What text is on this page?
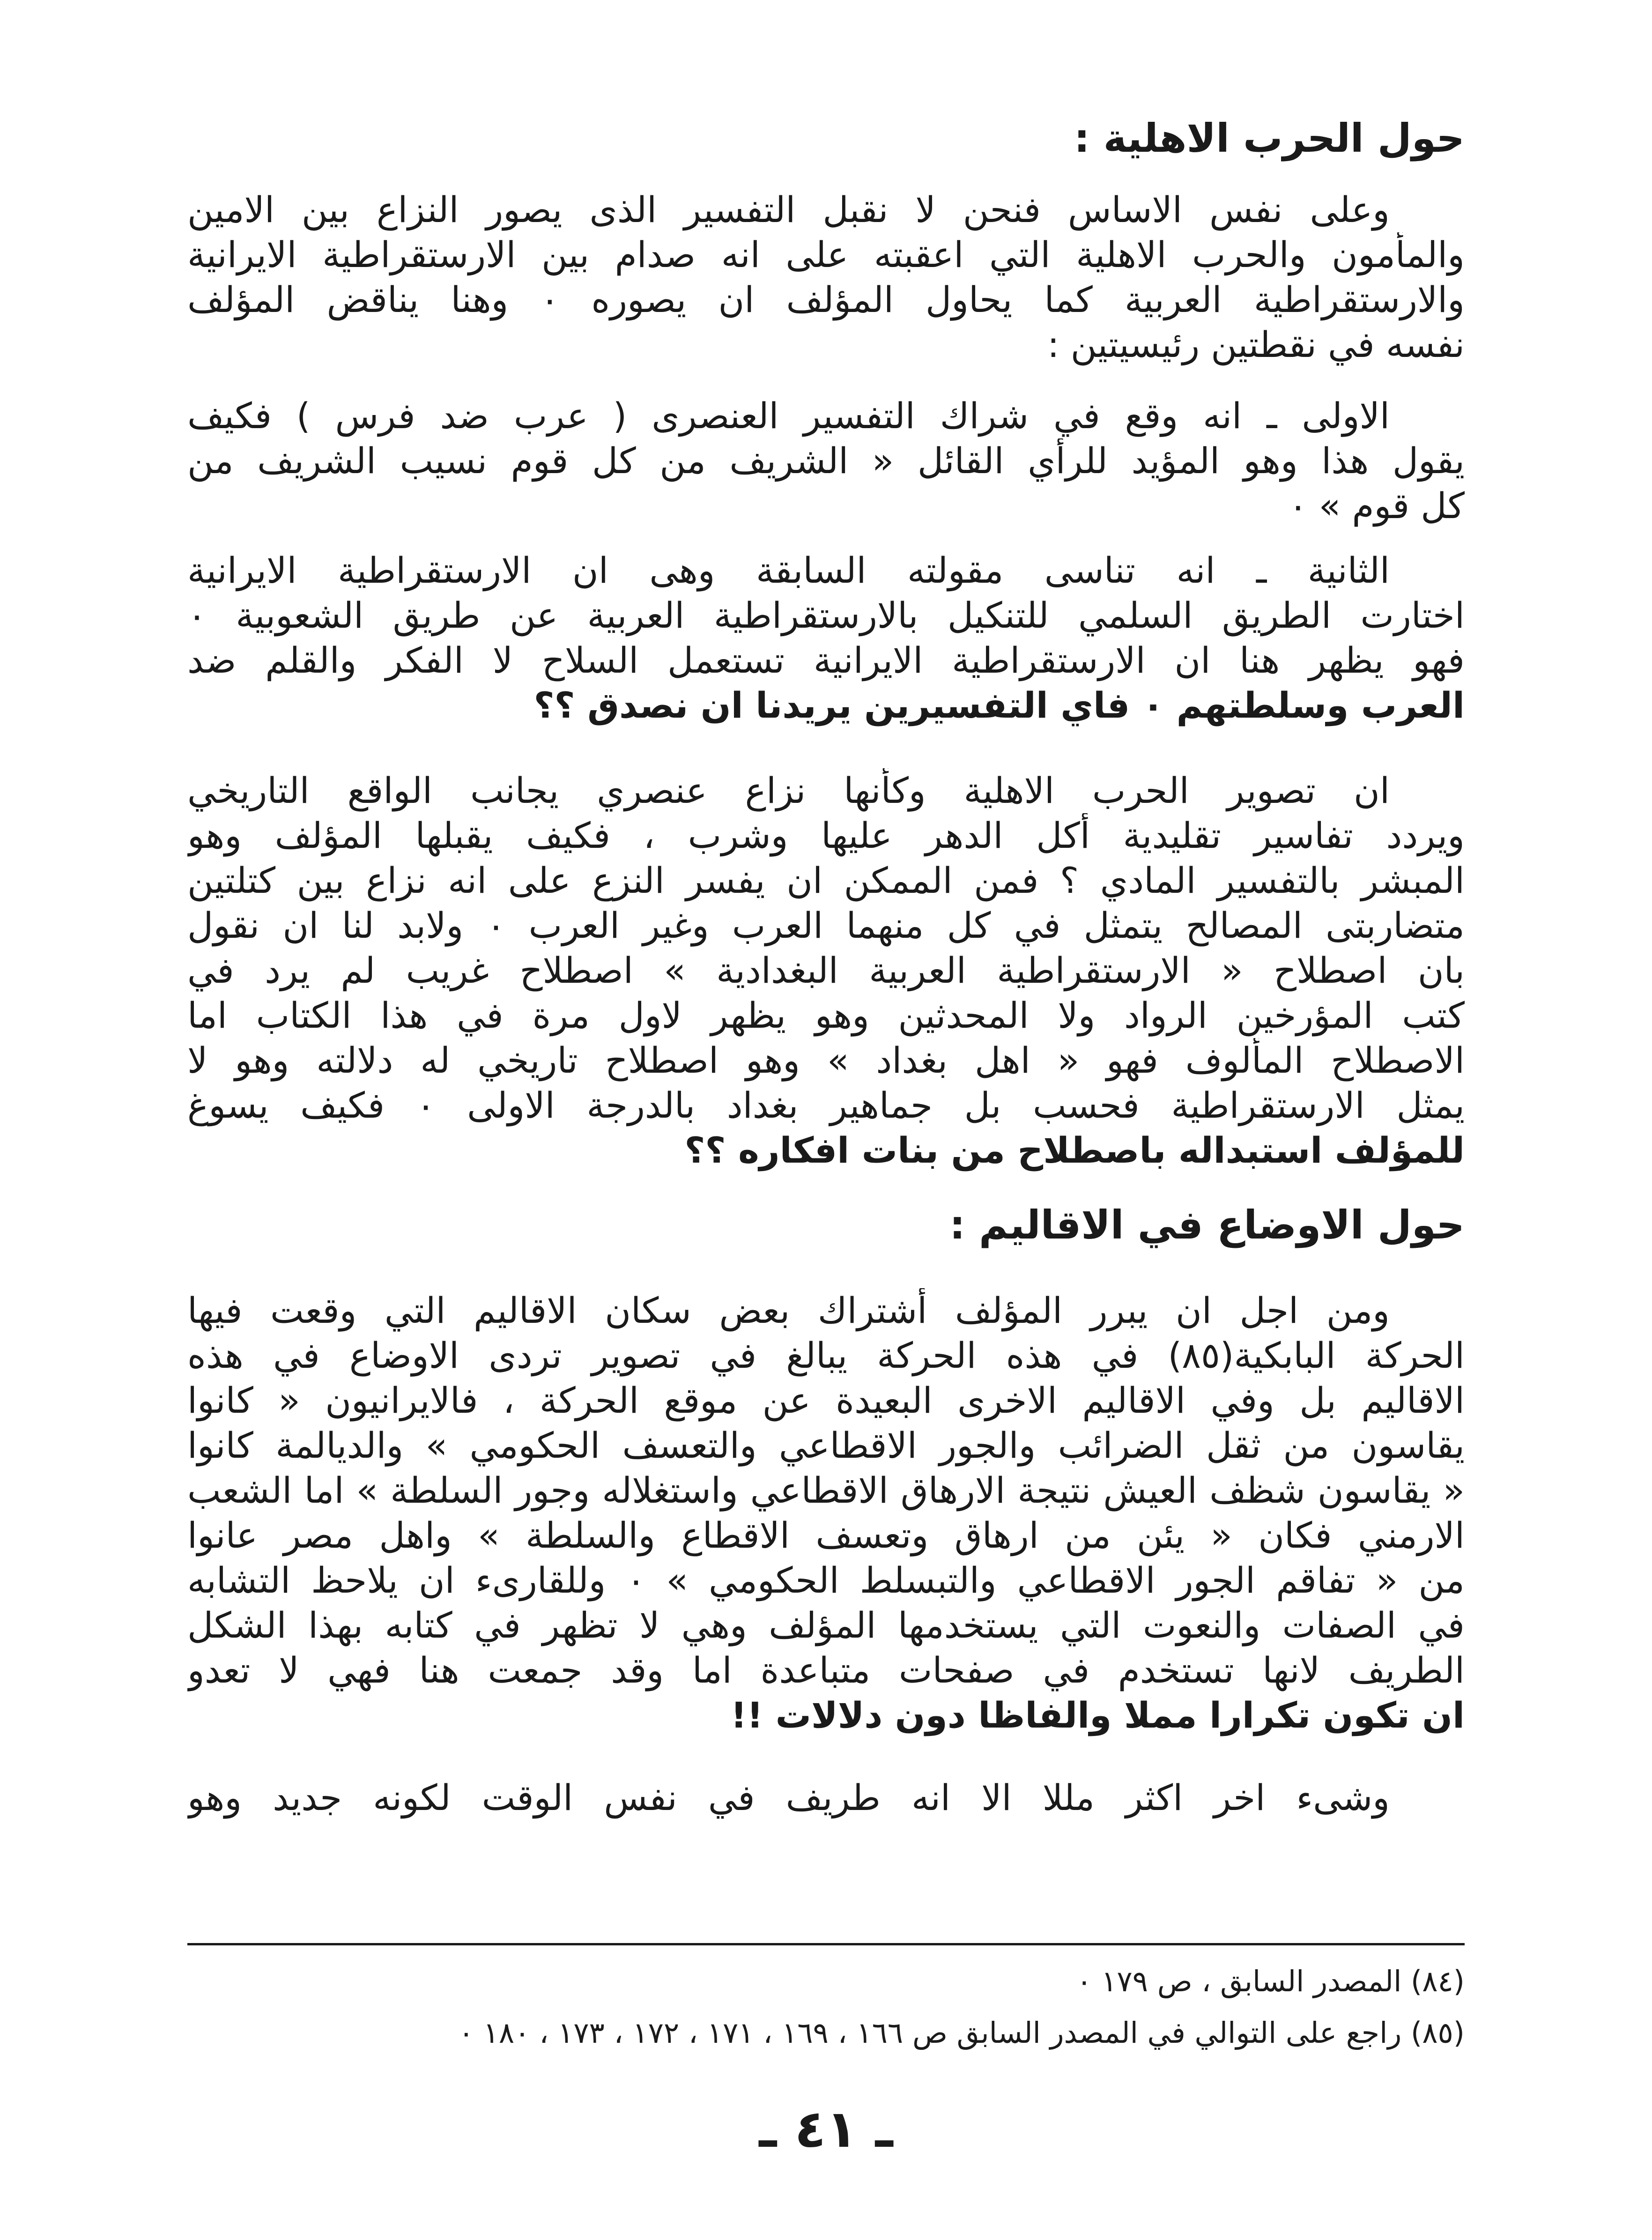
حول الحرب الاهلية :

وعلى نفس الاساس فنحن لا نقبل التفسير الذى يصور النزاع بين الامين

والمأمون والحرب الاهلية التي اعقبته على انه صدام بين الارستقراطية الايرانية

والارستقراطية العربية كما يحاول المؤلف ان يصوره ٠ وهنا يناقض المؤلف

نفسه في نقطتين رئيسيتين :

الاولى ـ انه وقع في شراك التفسير العنصرى ( عرب ضد فرس ) فكيف

يقول هذا وهو المؤيد للرأي القائل « الشريف من كل قوم نسيب الشريف من

كل قوم » ٠

الثانية ـ انه تناسى مقولته السابقة وهى ان الارستقراطية الايرانية

اختارت الطريق السلمي للتنكيل بالارستقراطية العربية عن طريق الشعوبية ٠

فهو يظهر هنا ان الارستقراطية الايرانية تستعمل السلاح لا الفكر والقلم ضد

العرب وسلطتهم ٠ فاي التفسيرين يريدنا ان نصدق ؟؟

ان تصوير الحرب الاهلية وكأنها نزاع عنصري يجانب الواقع التاريخي

ويردد تفاسير تقليدية أكل الدهر عليها وشرب ، فكيف يقبلها المؤلف وهو

المبشر بالتفسير المادي ؟ فمن الممكن ان يفسر النزع على انه نزاع بين كتلتين

متضاربتى المصالح يتمثل في كل منهما العرب وغير العرب ٠ ولابد لنا ان نقول

بان اصطلاح « الارستقراطية العربية البغدادية » اصطلاح غريب لم يرد في

كتب المؤرخين الرواد ولا المحدثين وهو يظهر لاول مرة في هذا الكتاب اما

الاصطلاح المألوف فهو « اهل بغداد » وهو اصطلاح تاريخي له دلالته وهو لا

يمثل الارستقراطية فحسب بل جماهير بغداد بالدرجة الاولى ٠ فكيف يسوغ

للمؤلف استبداله باصطلاح من بنات افكاره ؟؟

حول الاوضاع في الاقاليم :

ومن اجل ان يبرر المؤلف أشتراك بعض سكان الاقاليم التي وقعت فيها

الحركة البابكية(٨٥) في هذه الحركة يبالغ في تصوير تردى الاوضاع في هذه

الاقاليم بل وفي الاقاليم الاخرى البعيدة عن موقع الحركة ، فالايرانيون « كانوا

يقاسون من ثقل الضرائب والجور الاقطاعي والتعسف الحكومي » والديالمة كانوا

« يقاسون شظف العيش نتيجة الارهاق الاقطاعي واستغلاله وجور السلطة » اما الشعب

الارمني فكان « يئن من ارهاق وتعسف الاقطاع والسلطة » واهل مصر عانوا

من « تفاقم الجور الاقطاعي والتبسلط الحكومي » ٠ وللقارىء ان يلاحظ التشابه

في الصفات والنعوت التي يستخدمها المؤلف وهي لا تظهر في كتابه بهذا الشكل

الطريف لانها تستخدم في صفحات متباعدة اما وقد جمعت هنا فهي لا تعدو

ان تكون تكرارا مملا والفاظا دون دلالات !!

وشىء اخر اكثر مللا الا انه طريف في نفس الوقت لكونه جديد وهو

(٨٤) المصدر السابق ، ص ١٧٩ ٠

(٨٥) راجع على التوالي في المصدر السابق ص ١٦٦ ، ١٦٩ ، ١٧١ ، ١٧٢ ، ١٧٣ ، ١٨٠ ٠

ـ ٤١ ـ
